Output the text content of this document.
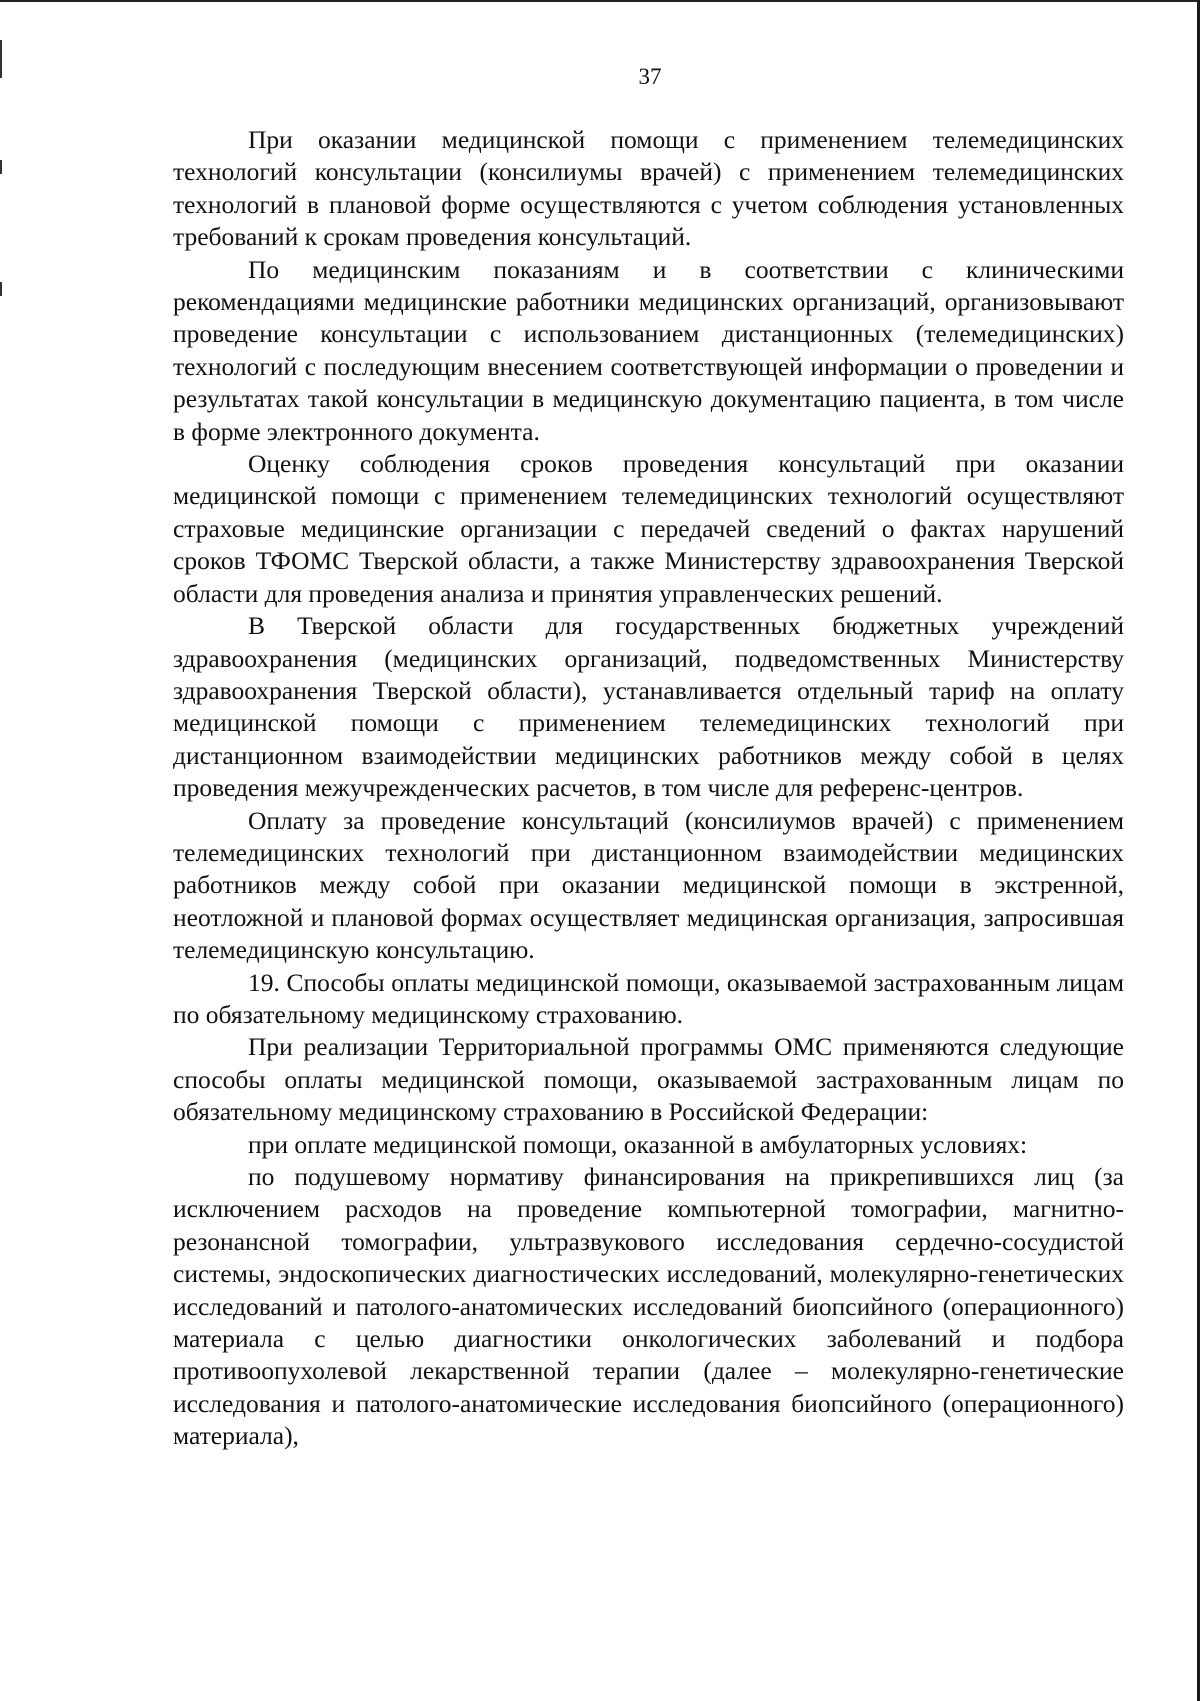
37

При оказании медицинской помощи с применением телемедицинских технологий консультации (консилиумы врачей) с применением телемедицинских технологий в плановой форме осуществляются с учетом соблюдения установленных требований к срокам проведения консультаций.

По медицинским показаниям и в соответствии с клиническими рекомендациями медицинские работники медицинских организаций, организовывают проведение консультации с использованием дистанционных (телемедицинских) технологий с последующим внесением соответствующей информации о проведении и результатах такой консультации в медицинскую документацию пациента, в том числе в форме электронного документа.

Оценку соблюдения сроков проведения консультаций при оказании медицинской помощи с применением телемедицинских технологий осуществляют страховые медицинские организации с передачей сведений о фактах нарушений сроков ТФОМС Тверской области, а также Министерству здравоохранения Тверской области для проведения анализа и принятия управленческих решений.

В Тверской области для государственных бюджетных учреждений здравоохранения (медицинских организаций, подведомственных Министерству здравоохранения Тверской области), устанавливается отдельный тариф на оплату медицинской помощи с применением телемедицинских технологий при дистанционном взаимодействии медицинских работников между собой в целях проведения межучрежденческих расчетов, в том числе для референс-центров.

Оплату за проведение консультаций (консилиумов врачей) с применением телемедицинских технологий при дистанционном взаимодействии медицинских работников между собой при оказании медицинской помощи в экстренной, неотложной и плановой формах осуществляет медицинская организация, запросившая телемедицинскую консультацию.

19. Способы оплаты медицинской помощи, оказываемой застрахованным лицам по обязательному медицинскому страхованию.

При реализации Территориальной программы ОМС применяются следующие способы оплаты медицинской помощи, оказываемой застрахованным лицам по обязательному медицинскому страхованию в Российской Федерации:

при оплате медицинской помощи, оказанной в амбулаторных условиях:

по подушевому нормативу финансирования на прикрепившихся лиц (за исключением расходов на проведение компьютерной томографии, магнитно-резонансной томографии, ультразвукового исследования сердечно-сосудистой системы, эндоскопических диагностических исследований, молекулярно-генетических исследований и патолого-анатомических исследований биопсийного (операционного) материала с целью диагностики онкологических заболеваний и подбора противоопухолевой лекарственной терапии (далее – молекулярно-генетические исследования и патолого-анатомические исследования биопсийного (операционного) материала),
